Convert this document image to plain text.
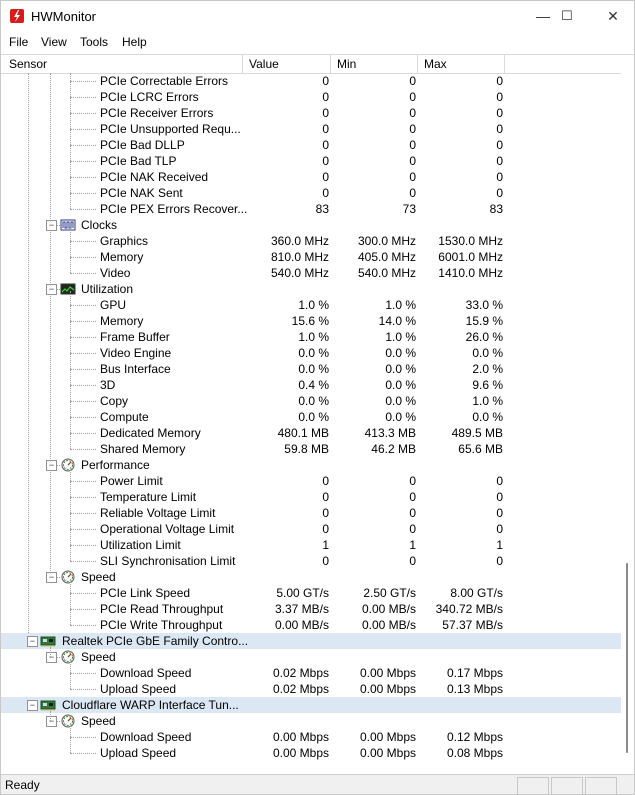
HWMonitor	— ☐	✕
File View Tools Help
Sensor	Value	Min	Max
PCIe Correctable Errors	0	0	0
PCIe LCRC Errors	0	0	0
PCIe Receiver Errors	0	0	0
PCIe Unsupported Requ...	0	0	0
PCIe Bad DLLP	0	0	0
PCIe Bad TLP	0	0	0
PCIe NAK Received	0	0	0
PCIe NAK Sent	0	0	0
PCIe PEX Errors Recover...	83	73	83
− Clocks
Graphics	360.0 MHz	300.0 MHz	1530.0 MHz
Memory	810.0 MHz	405.0 MHz	6001.0 MHz
Video	540.0 MHz	540.0 MHz	1410.0 MHz
− Utilization
GPU	1.0 %	1.0 %	33.0 %
Memory	15.6 %	14.0 %	15.9 %
Frame Buffer	1.0 %	1.0 %	26.0 %
Video Engine	0.0 %	0.0 %	0.0 %
Bus Interface	0.0 %	0.0 %	2.0 %
3D	0.4 %	0.0 %	9.6 %
Copy	0.0 %	0.0 %	1.0 %
Compute	0.0 %	0.0 %	0.0 %
Dedicated Memory	480.1 MB	413.3 MB	489.5 MB
Shared Memory	59.8 MB	46.2 MB	65.6 MB
− Performance
Power Limit	0	0	0
Temperature Limit	0	0	0
Reliable Voltage Limit	0	0	0
Operational Voltage Limit	0	0	0
Utilization Limit	1	1	1
SLI Synchronisation Limit	0	0	0
− Speed
PCIe Link Speed	5.00 GT/s	2.50 GT/s	8.00 GT/s
PCIe Read Throughput	3.37 MB/s	0.00 MB/s	340.72 MB/s
PCIe Write Throughput	0.00 MB/s	0.00 MB/s	57.37 MB/s
− Realtek PCIe GbE Family Contro...
− Speed
Download Speed	0.02 Mbps	0.00 Mbps	0.17 Mbps
Upload Speed	0.02 Mbps	0.00 Mbps	0.13 Mbps
− Cloudflare WARP Interface Tun...
− Speed
Download Speed	0.00 Mbps	0.00 Mbps	0.12 Mbps
Upload Speed	0.00 Mbps	0.00 Mbps	0.08 Mbps
Ready
